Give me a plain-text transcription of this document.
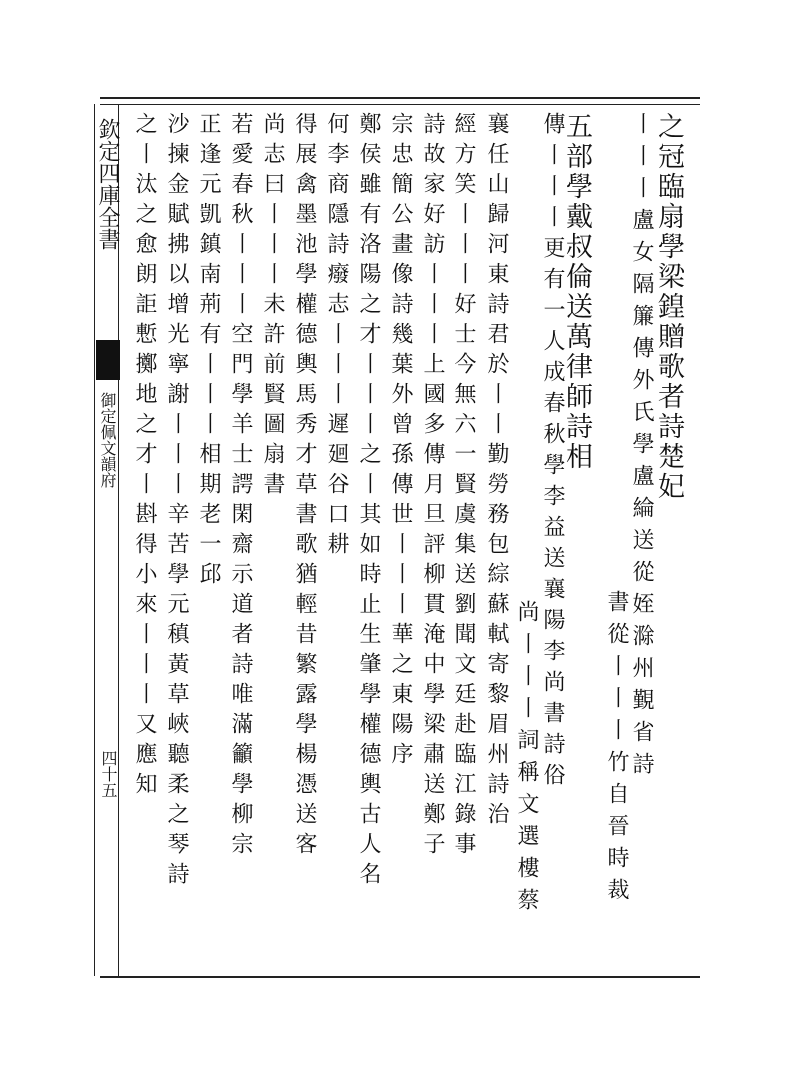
欽定四庫全書
御定佩文韻府
四十五
之冠臨扇學梁鍠贈歌者詩楚妃
丨丨丨盧女隔簾傳外氏學盧綸送從姪滁州覲省詩
書從丨丨丨竹自晉時裁
五部學戴叔倫送萬律師詩相
傳丨丨丨更有一人成春秋學李益送襄陽李尚書詩俗
尚丨丨丨詞稱文選樓蔡
襄任山歸河東詩君於丨丨勤勞務包綜蘇軾寄黎眉州詩治
經方笑丨丨丨好士今無六一賢虞集送劉聞文廷赴臨江錄事
詩故家好訪丨丨丨上國多傳月旦評柳貫淹中學梁肅送鄭子
宗忠簡公畫像詩幾葉外曾孫傳世丨丨丨華之東陽序
鄭侯雖有洛陽之才丨丨丨之丨其如時止生肇學權德輿古人名
何李商隱詩癈志丨丨丨遲廻谷口耕
得展禽墨池學權德輿馬秀才草書歌猶輕昔繁露學楊憑送客
尚志曰丨丨丨未許前賢圖扇書
若愛春秋丨丨丨空門學羊士諤閑齋示道者詩唯滿籲學柳宗
正逢元凱鎮南荊有丨丨丨相期老一邱
沙揀金賦拂以增光寧謝丨丨丨辛苦學元稹黃草峽聽柔之琴詩
之丨汰之愈朗詎慙擲地之才丨斟得小來丨丨丨又應知
